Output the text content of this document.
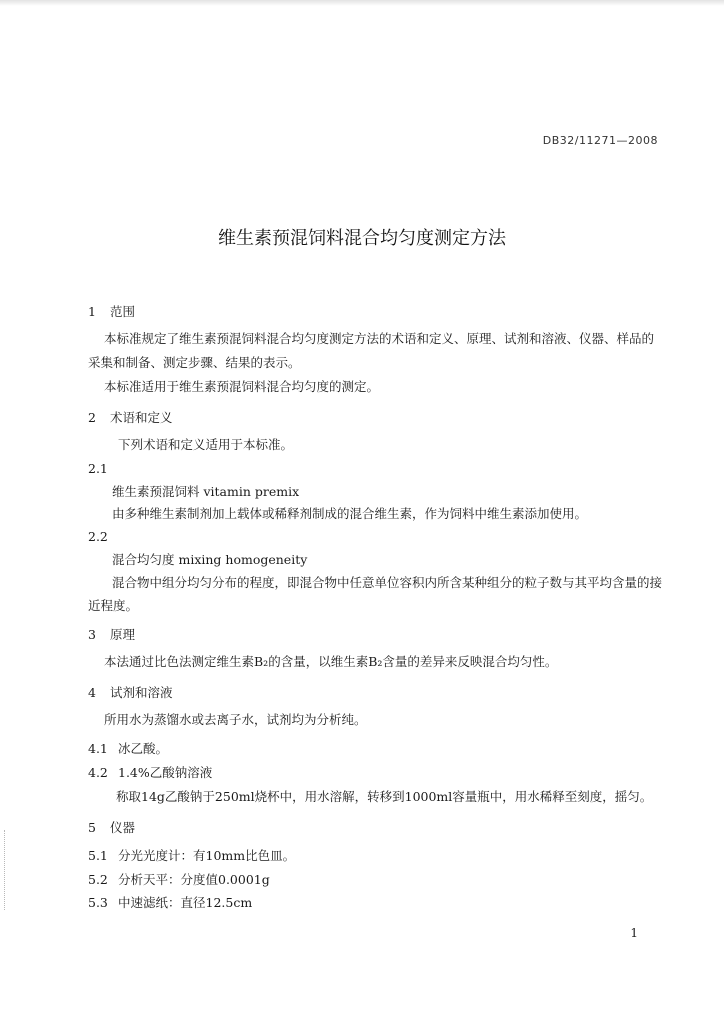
DB32/11271—2008
维生素预混饲料混合均匀度测定方法
1 范围
本标准规定了维生素预混饲料混合均匀度测定方法的术语和定义、原理、试剂和溶液、仪器、样品的
采集和制备、测定步骤、结果的表示。
本标准适用于维生素预混饲料混合均匀度的测定。
2 术语和定义
下列术语和定义适用于本标准。
2.1
维生素预混饲料 vitamin premix
由多种维生素制剂加上载体或稀释剂制成的混合维生素，作为饲料中维生素添加使用。
2.2
混合均匀度 mixing homogeneity
混合物中组分均匀分布的程度，即混合物中任意单位容积内所含某种组分的粒子数与其平均含量的接
近程度。
3 原理
本法通过比色法测定维生素B₂的含量，以维生素B₂含量的差异来反映混合均匀性。
4 试剂和溶液
所用水为蒸馏水或去离子水，试剂均为分析纯。
4.1 冰乙酸。
4.2 1.4%乙酸钠溶液
称取14g乙酸钠于250ml烧杯中，用水溶解，转移到1000ml容量瓶中，用水稀释至刻度，摇匀。
5 仪器
5.1 分光光度计：有10mm比色皿。
5.2 分析天平：分度值0.0001g
5.3 中速滤纸：直径12.5cm
1
